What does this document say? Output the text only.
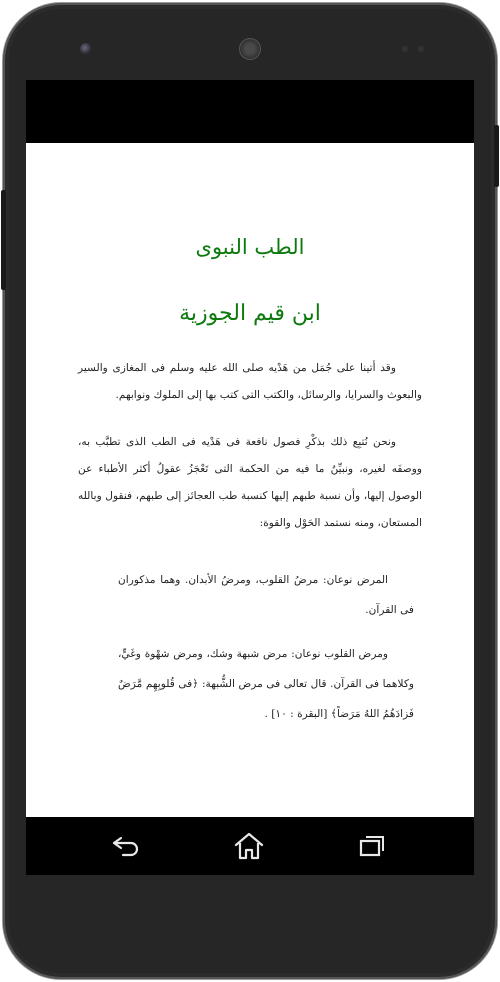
الطب النبوى
ابن قيم الجوزية
وقد أتينا على جُمَل من هَدْيه صلى الله عليه وسلم فى المغازى والسير والبعوث والسرايا، والرسائل، والكتب التى كتب بها إلى الملوك ونوابهم.
ونحن نُتبِع ذلك بذكْرِ فصول نافعة فى هَدْيه فى الطب الذى تطبَّب به، ووصفَه لغيره، ونبيِّنُ ما فيه من الحكمة التى تَعْجَزُ عقولُ أكثر الأطباء عن الوصول إليها، وأن نسبة طبهم إليها كنسبة طب العجائز إلى طبهم، فنقول وبالله المستعان، ومنه نستمد الحَوْل والقوة:
المرض نوعان: مرضُ القلوب، ومرضُ الأبدان. وهما مذكوران فى القرآن.
ومرض القلوب نوعان: مرض شبهة وشك، ومرض شهْوة وغَيٍّ، وكلاهما فى القرآن. قال تعالى فى مرض الشُّبهة: ﴿فى قُلوبِهِم مَّرَضٌ فَزادَهُمُ اللهُ مَرَضاً﴾ [البقرة : ١٠] .
